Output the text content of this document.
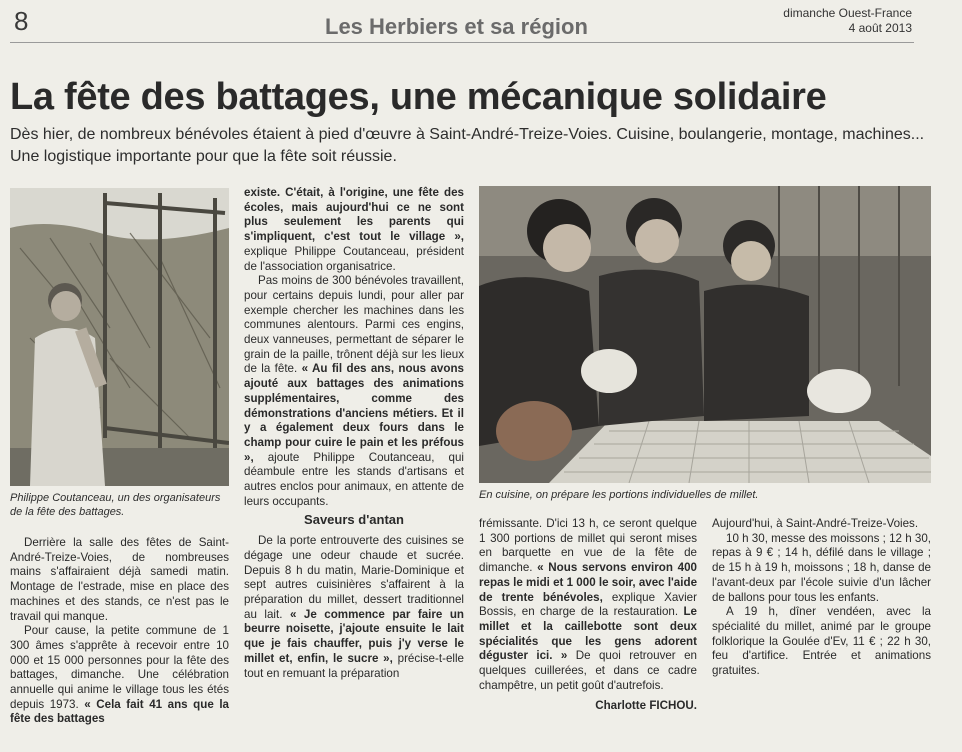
8	Les Herbiers et sa région
dimanche Ouest-France
4 août 2013
La fête des battages, une mécanique solidaire
Dès hier, de nombreux bénévoles étaient à pied d'œuvre à Saint-André-Treize-Voies. Cuisine, boulangerie, montage, machines... Une logistique importante pour que la fête soit réussie.
Philippe Coutanceau, un des organisateurs de la fête des battages.
En cuisine, on prépare les portions individuelles de millet.

Derrière la salle des fêtes de Saint-André-Treize-Voies, de nombreuses mains s'affairaient déjà samedi matin. Montage de l'estrade, mise en place des machines et des stands, ce n'est pas le travail qui manque.

Pour cause, la petite commune de 1 300 âmes s'apprête à recevoir entre 10 000 et 15 000 personnes pour la fête des battages, dimanche. Une célébration annuelle qui anime le village tous les étés depuis 1973. « Cela fait 41 ans que la fête des battages

existe. C'était, à l'origine, une fête des écoles, mais aujourd'hui ce ne sont plus seulement les parents qui s'impliquent, c'est tout le village », explique Philippe Coutanceau, président de l'association organisatrice.

Pas moins de 300 bénévoles travaillent, pour certains depuis lundi, pour aller par exemple chercher les machines dans les communes alentours. Parmi ces engins, deux vanneuses, permettant de séparer le grain de la paille, trônent déjà sur les lieux de la fête. « Au fil des ans, nous avons ajouté aux battages des animations supplémentaires, comme des démonstrations d'anciens métiers. Et il y a également deux fours dans le champ pour cuire le pain et les préfous », ajoute Philippe Coutanceau, qui déambule entre les stands d'artisans et autres enclos pour animaux, en attente de leurs occupants.

Saveurs d'antan

De la porte entrouverte des cuisines se dégage une odeur chaude et sucrée. Depuis 8 h du matin, Marie-Dominique et sept autres cuisinières s'affairent à la préparation du millet, dessert traditionnel au lait. « Je commence par faire un beurre noisette, j'ajoute ensuite le lait que je fais chauffer, puis j'y verse le millet et, enfin, le sucre », précise-t-elle tout en remuant la préparation

frémissante. D'ici 13 h, ce seront quelque 1 300 portions de millet qui seront mises en barquette en vue de la fête de dimanche. « Nous servons environ 400 repas le midi et 1 000 le soir, avec l'aide de trente bénévoles, explique Xavier Bossis, en charge de la restauration. Le millet et la caillebotte sont deux spécialités que les gens adorent déguster ici. » De quoi retrouver en quelques cuillerées, et dans ce cadre champêtre, un petit goût d'autrefois.

Charlotte FICHOU.

Aujourd'hui, à Saint-André-Treize-Voies.

10 h 30, messe des moissons ; 12 h 30, repas à 9 € ; 14 h, défilé dans le village ; de 15 h à 19 h, moissons ; 18 h, danse de l'avant-deux par l'école suivie d'un lâcher de ballons pour tous les enfants.

A 19 h, dîner vendéen, avec la spécialité du millet, animé par le groupe folklorique la Goulée d'Ev, 11 € ; 22 h 30, feu d'artifice. Entrée et animations gratuites.
